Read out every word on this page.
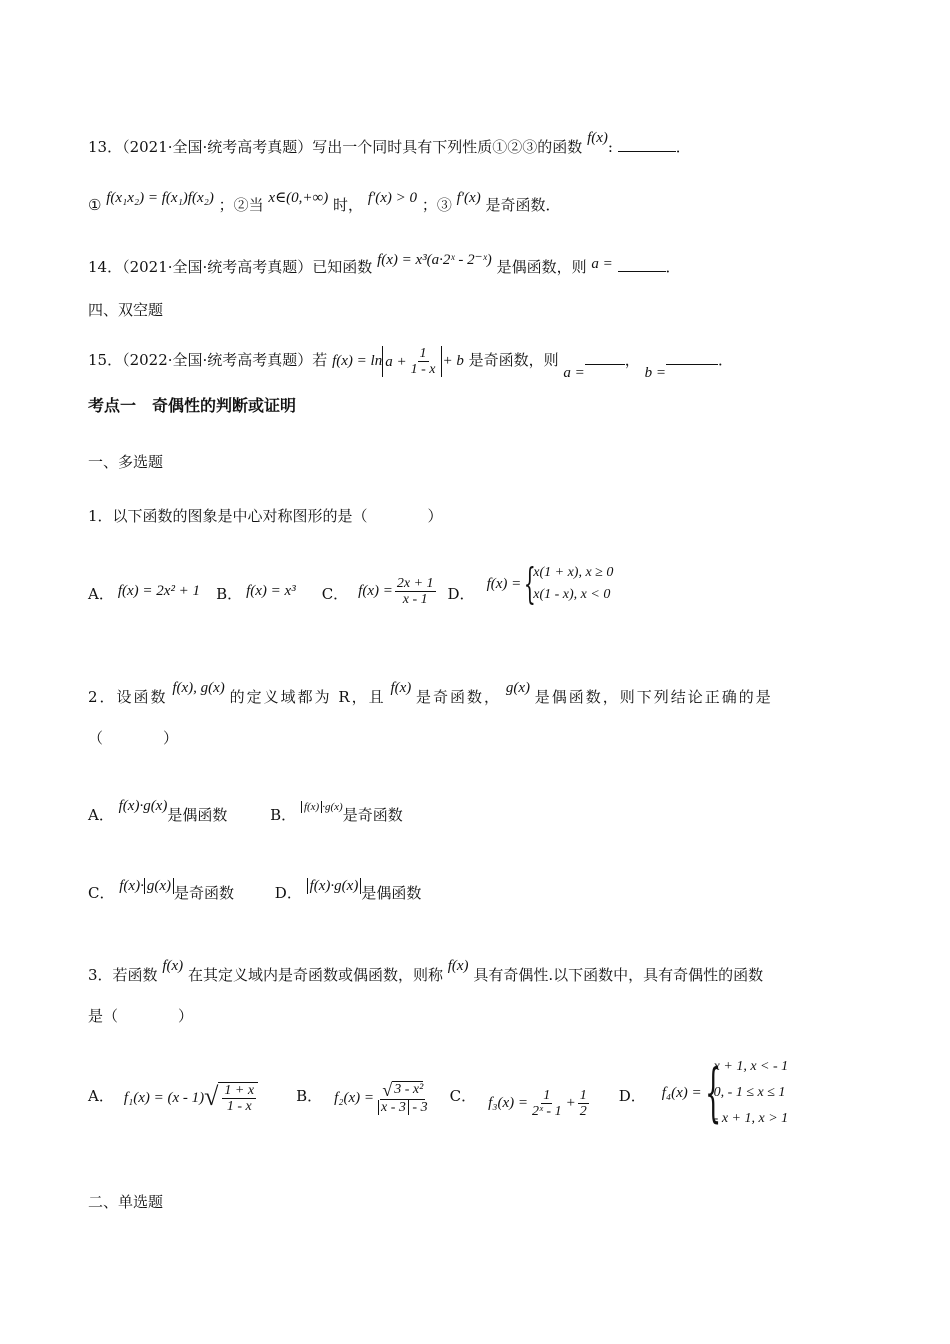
13．（2021·全国·统考高考真题）写出一个同时具有下列性质①②③的函数 f(x):	．
① f(x₁x₂) = f(x₁)f(x₂) ；②当 x∈(0,+∞) 时， f′(x) > 0 ；③ f′(x) 是奇函数．
14．（2021·全国·统考高考真题）已知函数 f(x) = x³(a·2ˣ - 2⁻ˣ) 是偶函数，则 a =	．
四、双空题
15．（2022·全国·统考高考真题）若 $f(x) = \ln a + \frac{1}{1 - x} + b$ 是奇函数，则 a =， b =．
考点一　奇偶性的判断或证明
一、多选题
1．以下函数的图象是中心对称图形的是（　　　　）
A． f(x) = 2x² + 1 B． f(x) = x³ C． $f(x) = \frac{2x + 1}{x - 1}$ D．
f(x) = {
x(1 + x), x ≥ 0
x(1 - x), x < 0
2．设函数 f(x), g(x) 的定义域都为 R，且 f(x) 是奇函数， g(x) 是偶函数，则下列结论正确的是
（　　　　）
A． f(x)·g(x)是偶函数	B． f(x) ·g(x)是奇函数
C． f(x)· g(x) 是奇函数	D． f(x)·g(x) 是偶函数
3．若函数 f(x) 在其定义域内是奇函数或偶函数，则称 f(x) 具有奇偶性.以下函数中，具有奇偶性的函数
是（　　　　）
A． f₁(x) = (x - 1) √ $\frac{1 + x}{1 - x}$	B． $f_2(x) = \frac{\text{√ 3 - x²}}{x - 3 - 3}$ C． $f_3(x) = \frac{1}{\text{2ˣ - 1}} + \frac{1}{2}$ D． f₄(x) = {
x + 1, x < - 1
0, - 1 ≤ x ≤ 1
- x + 1, x > 1
二、单选题
